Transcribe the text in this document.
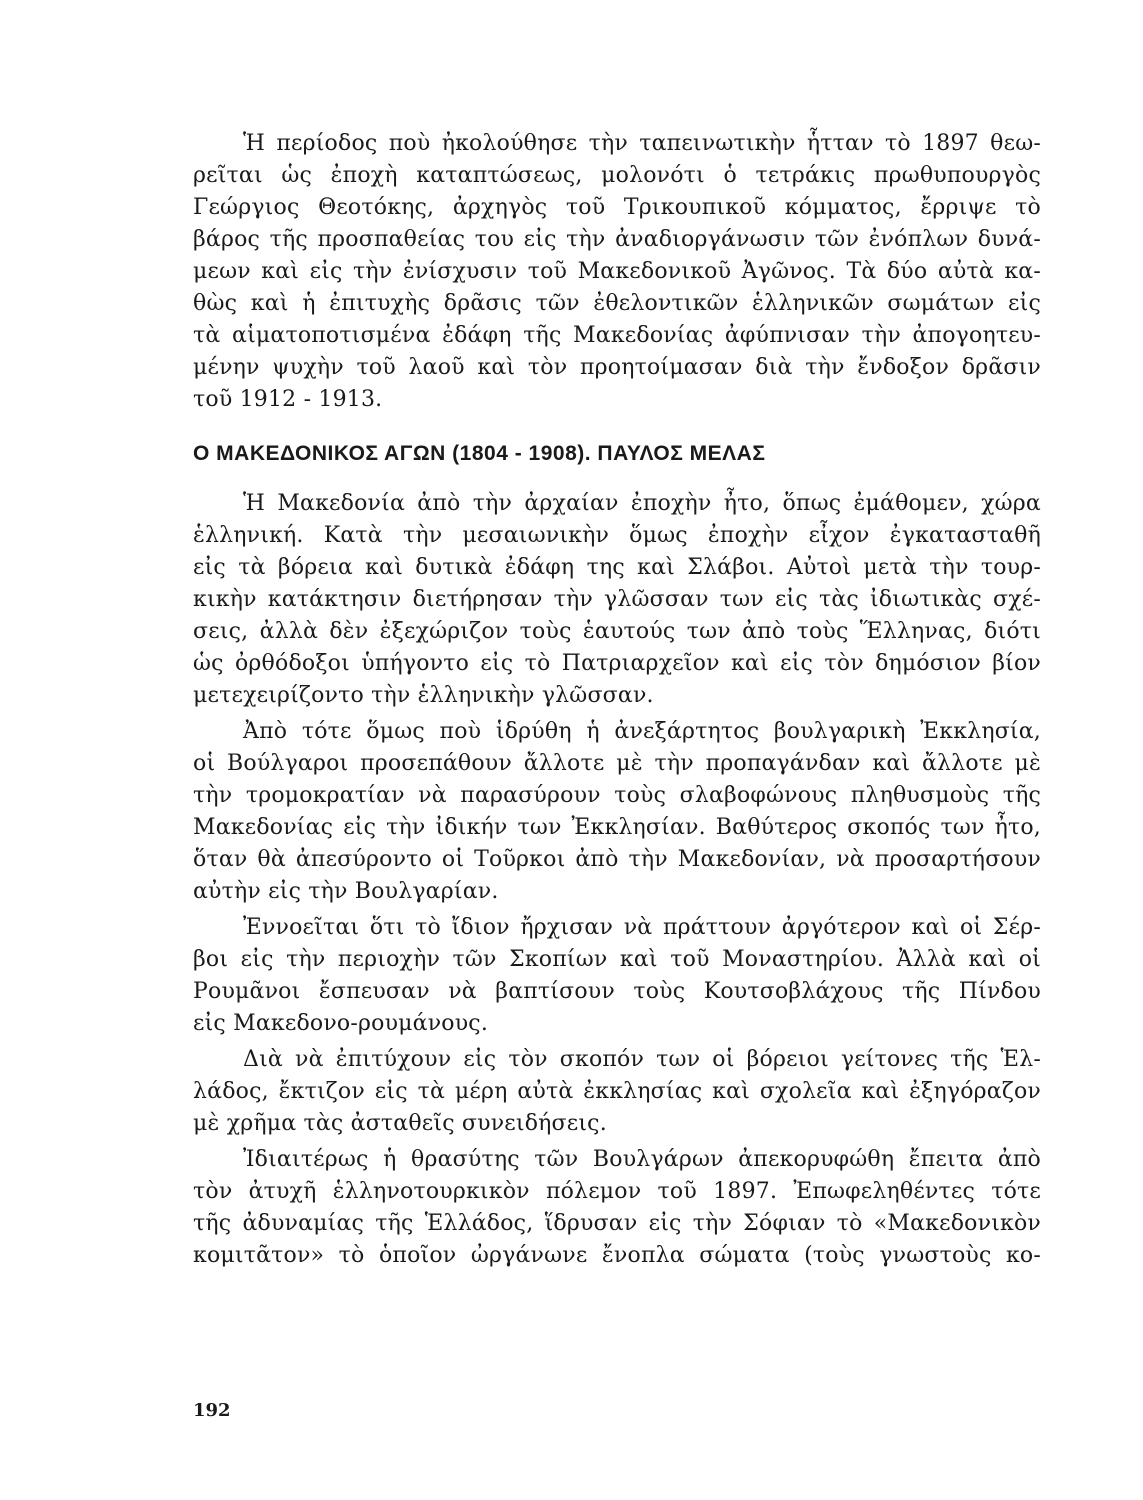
Ἡ περίοδος ποὺ ἠκολούθησε τὴν ταπεινωτικὴν ἧτταν τὸ 1897 θεω-
ρεῖται ὡς ἐποχὴ καταπτώσεως, μολονότι ὁ τετράκις πρωθυπουργὸς
Γεώργιος Θεοτόκης, ἀρχηγὸς τοῦ Τρικουπικοῦ κόμματος, ἔρριψε τὸ
βάρος τῆς προσπαθείας του εἰς τὴν ἀναδιοργάνωσιν τῶν ἐνόπλων δυνά-
μεων καὶ εἰς τὴν ἐνίσχυσιν τοῦ Μακεδονικοῦ Ἀγῶνος. Τὰ δύο αὐτὰ κα-
θὼς καὶ ἡ ἐπιτυχὴς δρᾶσις τῶν ἐθελοντικῶν ἑλληνικῶν σωμάτων εἰς
τὰ αἱματοποτισμένα ἐδάφη τῆς Μακεδονίας ἀφύπνισαν τὴν ἀπογοητευ-
μένην ψυχὴν τοῦ λαοῦ καὶ τὸν προητοίμασαν διὰ τὴν ἔνδοξον δρᾶσιν
τοῦ 1912 - 1913.
Ο ΜΑΚΕΔΟΝΙΚΟΣ ΑΓΩΝ (1804 - 1908). ΠΑΥΛΟΣ ΜΕΛΑΣ
Ἡ Μακεδονία ἀπὸ τὴν ἀρχαίαν ἐποχὴν ἦτο, ὅπως ἐμάθομεν, χώρα
ἑλληνική. Κατὰ τὴν μεσαιωνικὴν ὅμως ἐποχὴν εἶχον ἐγκατασταθῆ
εἰς τὰ βόρεια καὶ δυτικὰ ἐδάφη της καὶ Σλάβοι. Αὐτοὶ μετὰ τὴν τουρ-
κικὴν κατάκτησιν διετήρησαν τὴν γλῶσσαν των εἰς τὰς ἰδιωτικὰς σχέ-
σεις, ἀλλὰ δὲν ἐξεχώριζον τοὺς ἑαυτούς των ἀπὸ τοὺς Ἕλληνας, διότι
ὡς ὀρθόδοξοι ὑπήγοντο εἰς τὸ Πατριαρχεῖον καὶ εἰς τὸν δημόσιον βίον
μετεχειρίζοντο τὴν ἑλληνικὴν γλῶσσαν.
Ἀπὸ τότε ὅμως ποὺ ἱδρύθη ἡ ἀνεξάρτητος βουλγαρικὴ Ἐκκλησία,
οἱ Βούλγαροι προσεπάθουν ἄλλοτε μὲ τὴν προπαγάνδαν καὶ ἄλλοτε μὲ
τὴν τρομοκρατίαν νὰ παρασύρουν τοὺς σλαβοφώνους πληθυσμοὺς τῆς
Μακεδονίας εἰς τὴν ἰδικήν των Ἐκκλησίαν. Βαθύτερος σκοπός των ἦτο,
ὅταν θὰ ἀπεσύροντο οἱ Τοῦρκοι ἀπὸ τὴν Μακεδονίαν, νὰ προσαρτήσουν
αὐτὴν εἰς τὴν Βουλγαρίαν.
Ἐννοεῖται ὅτι τὸ ἴδιον ἤρχισαν νὰ πράττουν ἀργότερον καὶ οἱ Σέρ-
βοι εἰς τὴν περιοχὴν τῶν Σκοπίων καὶ τοῦ Μοναστηρίου. Ἀλλὰ καὶ οἱ
Ρουμᾶνοι ἔσπευσαν νὰ βαπτίσουν τοὺς Κουτσοβλάχους τῆς Πίνδου
εἰς Μακεδονο-ρουμάνους.
Διὰ νὰ ἐπιτύχουν εἰς τὸν σκοπόν των οἱ βόρειοι γείτονες τῆς Ἑλ-
λάδος, ἔκτιζον εἰς τὰ μέρη αὐτὰ ἐκκλησίας καὶ σχολεῖα καὶ ἐξηγόραζον
μὲ χρῆμα τὰς ἀσταθεῖς συνειδήσεις.
Ἰδιαιτέρως ἡ θρασύτης τῶν Βουλγάρων ἀπεκορυφώθη ἔπειτα ἀπὸ
τὸν ἀτυχῆ ἑλληνοτουρκικὸν πόλεμον τοῦ 1897. Ἐπωφεληθέντες τότε
τῆς ἀδυναμίας τῆς Ἑλλάδος, ἵδρυσαν εἰς τὴν Σόφιαν τὸ «Μακεδονικὸν
κομιτᾶτον» τὸ ὁποῖον ὠργάνωνε ἔνοπλα σώματα (τοὺς γνωστοὺς κο-
192
